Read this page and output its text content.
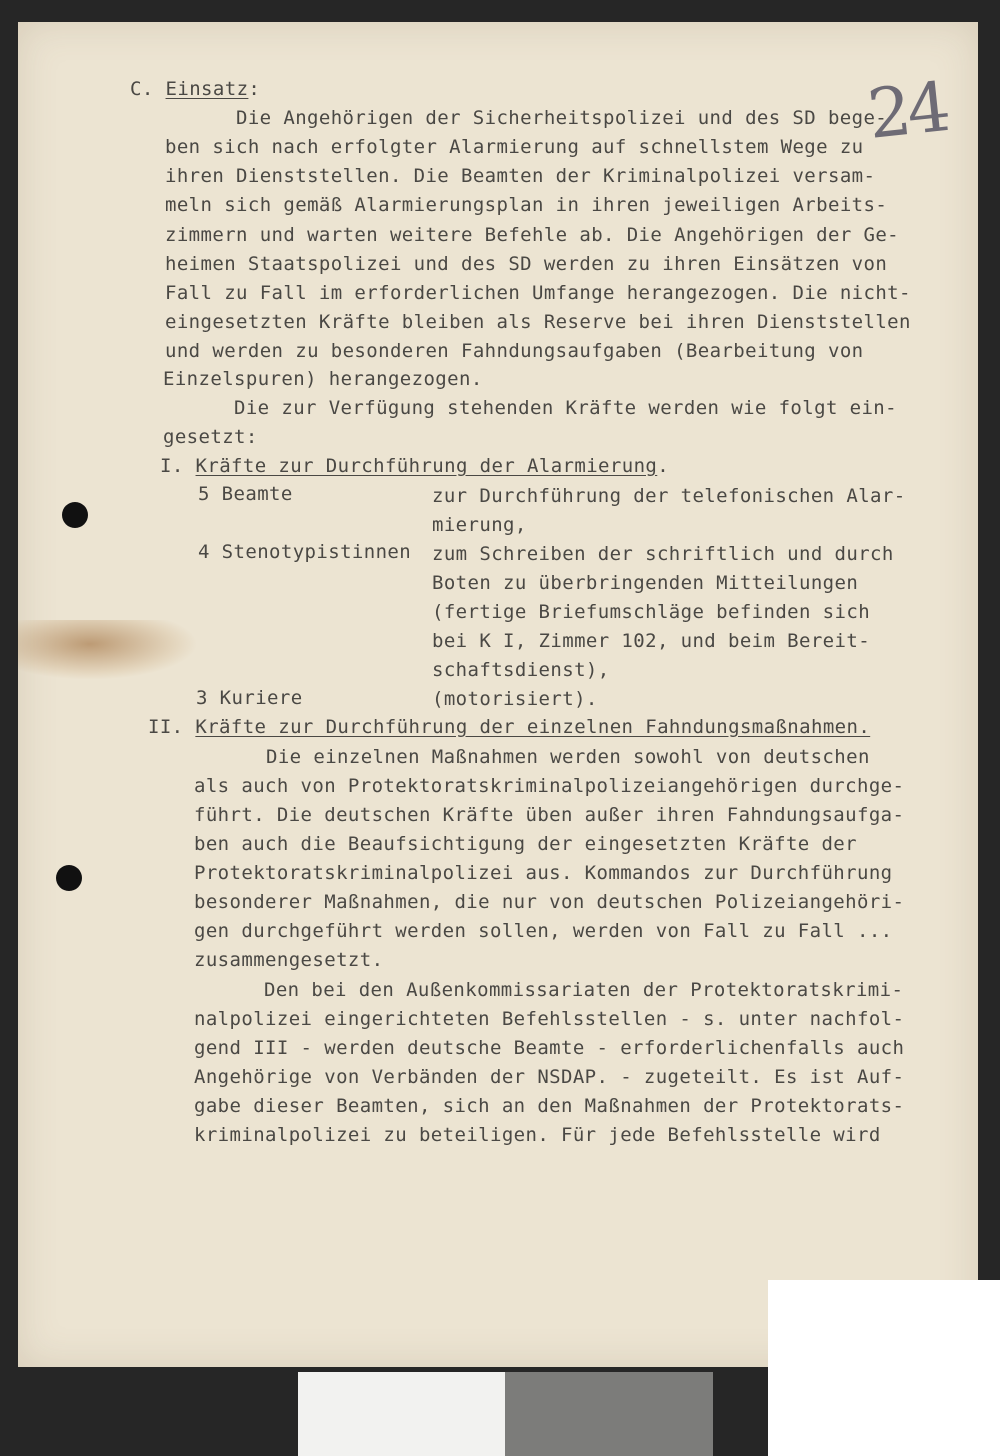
24
C. Einsatz:
Die Angehörigen der Sicherheitspolizei und des SD bege-
ben sich nach erfolgter Alarmierung auf schnellstem Wege zu
ihren Dienststellen. Die Beamten der Kriminalpolizei versam-
meln sich gemäß Alarmierungsplan in ihren jeweiligen Arbeits-
zimmern und warten weitere Befehle ab. Die Angehörigen der Ge-
heimen Staatspolizei und des SD werden zu ihren Einsätzen von
Fall zu Fall im erforderlichen Umfange herangezogen. Die nicht-
eingesetzten Kräfte bleiben als Reserve bei ihren Dienststellen
und werden zu besonderen Fahndungsaufgaben (Bearbeitung von
Einzelspuren) herangezogen.
Die zur Verfügung stehenden Kräfte werden wie folgt ein-
gesetzt:
I. Kräfte zur Durchführung der Alarmierung.
5 Beamte	zur Durchführung der telefonischen Alar-
mierung,
4 Stenotypistinnen zum Schreiben der schriftlich und durch
Boten zu überbringenden Mitteilungen
(fertige Briefumschläge befinden sich
bei K I, Zimmer 102, und beim Bereit-
schaftsdienst),
3 Kuriere	(motorisiert).
II. Kräfte zur Durchführung der einzelnen Fahndungsmaßnahmen.
Die einzelnen Maßnahmen werden sowohl von deutschen
als auch von Protektoratskriminalpolizeiangehörigen durchge-
führt. Die deutschen Kräfte üben außer ihren Fahndungsaufga-
ben auch die Beaufsichtigung der eingesetzten Kräfte der
Protektoratskriminalpolizei aus. Kommandos zur Durchführung
besonderer Maßnahmen, die nur von deutschen Polizeiangehöri-
gen durchgeführt werden sollen, werden von Fall zu Fall ...
zusammengesetzt.
Den bei den Außenkommissariaten der Protektoratskrimi-
nalpolizei eingerichteten Befehlsstellen - s. unter nachfol-
gend III - werden deutsche Beamte - erforderlichenfalls auch
Angehörige von Verbänden der NSDAP. - zugeteilt. Es ist Auf-
gabe dieser Beamten, sich an den Maßnahmen der Protektorats-
kriminalpolizei zu beteiligen. Für jede Befehlsstelle wird
